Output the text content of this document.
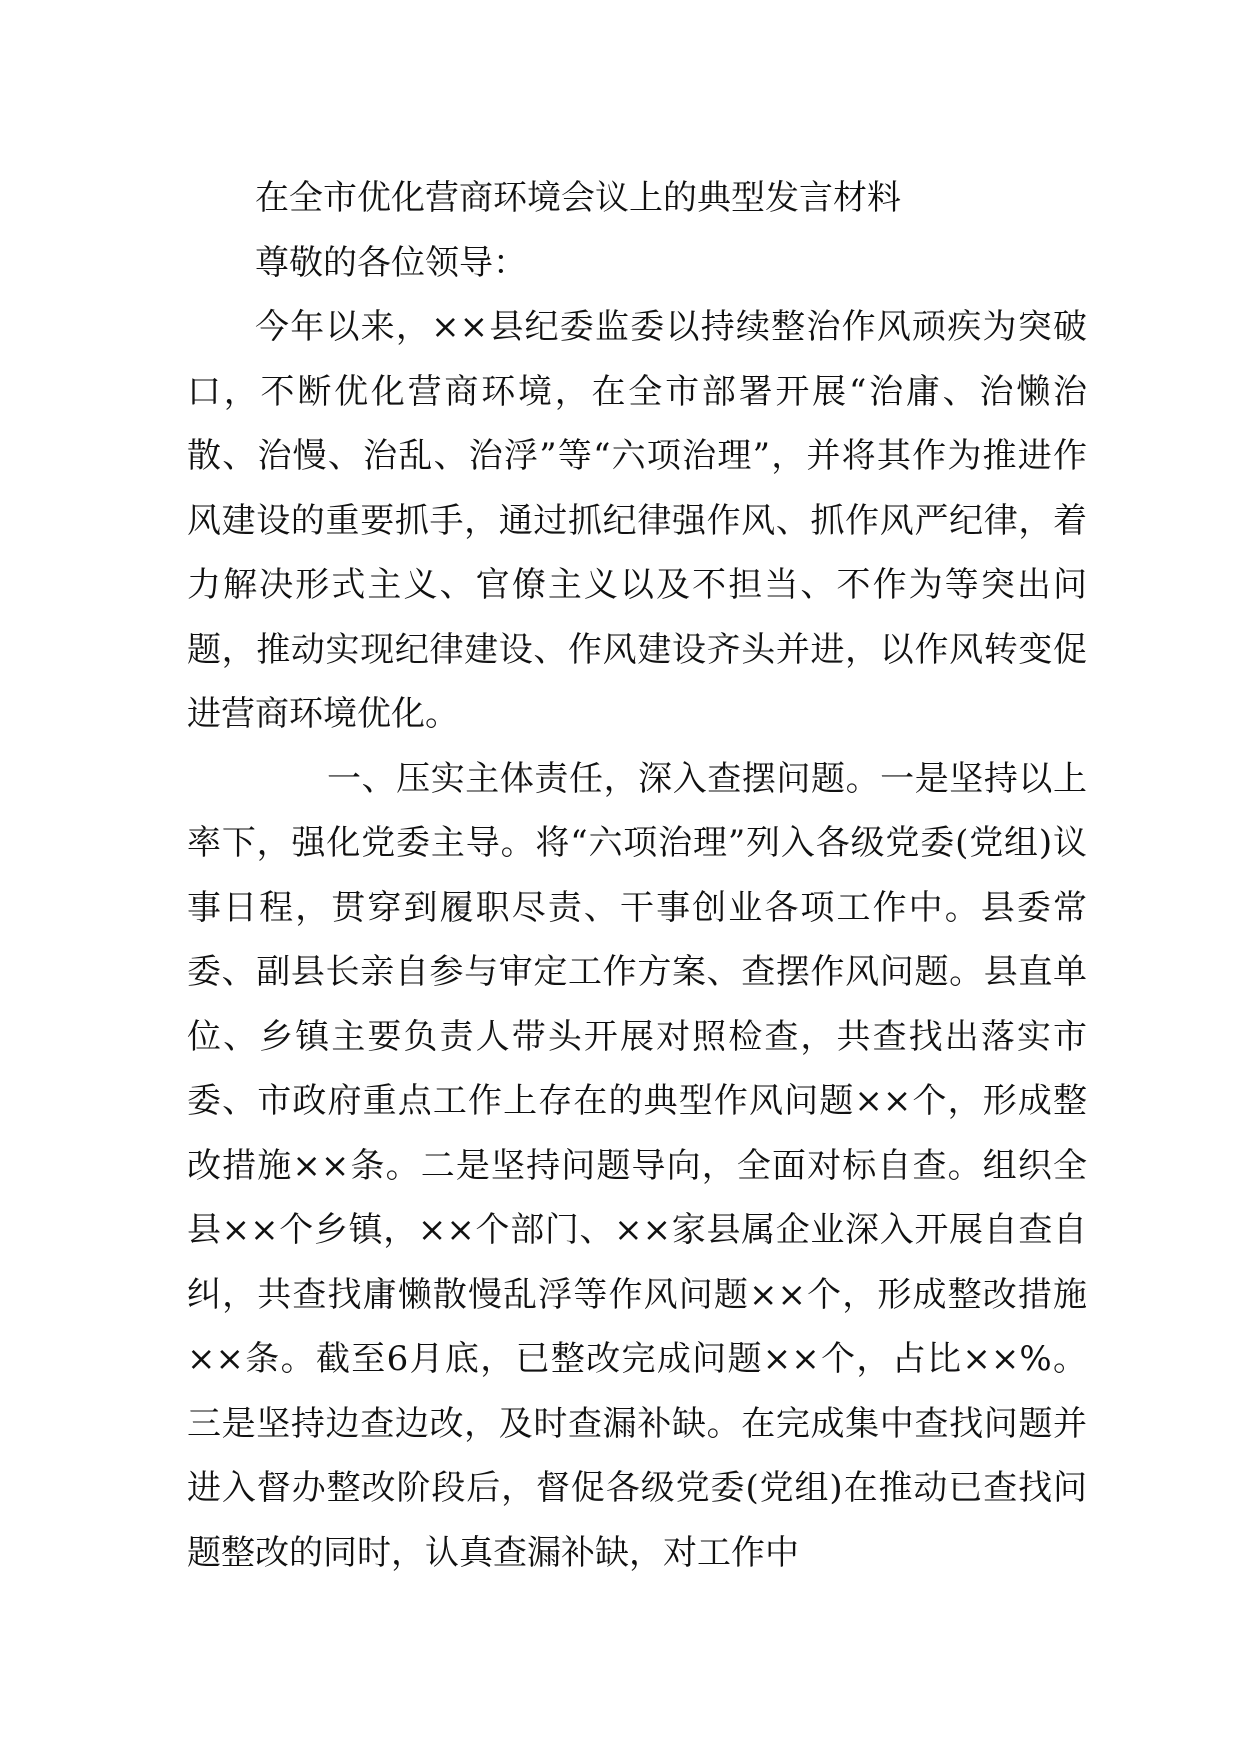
在全市优化营商环境会议上的典型发言材料

尊敬的各位领导：

今年以来，××县纪委监委以持续整治作风顽疾为突破口，不断优化营商环境，在全市部署开展“治庸、治懒治散、治慢、治乱、治浮”等“六项治理”，并将其作为推进作风建设的重要抓手，通过抓纪律强作风、抓作风严纪律，着力解决形式主义、官僚主义以及不担当、不作为等突出问题，推动实现纪律建设、作风建设齐头并进，以作风转变促进营商环境优化。

一、压实主体责任，深入查摆问题。一是坚持以上率下，强化党委主导。将“六项治理”列入各级党委(党组)议事日程，贯穿到履职尽责、干事创业各项工作中。县委常委、副县长亲自参与审定工作方案、查摆作风问题。县直单位、乡镇主要负责人带头开展对照检查，共查找出落实市委、市政府重点工作上存在的典型作风问题××个，形成整改措施××条。二是坚持问题导向，全面对标自查。组织全县××个乡镇，××个部门、××家县属企业深入开展自查自纠，共查找庸懒散慢乱浮等作风问题××个，形成整改措施××条。截至6月底，已整改完成问题××个，占比××%。三是坚持边查边改，及时查漏补缺。在完成集中查找问题并进入督办整改阶段后，督促各级党委(党组)在推动已查找问题整改的同时，认真查漏补缺，对工作中
